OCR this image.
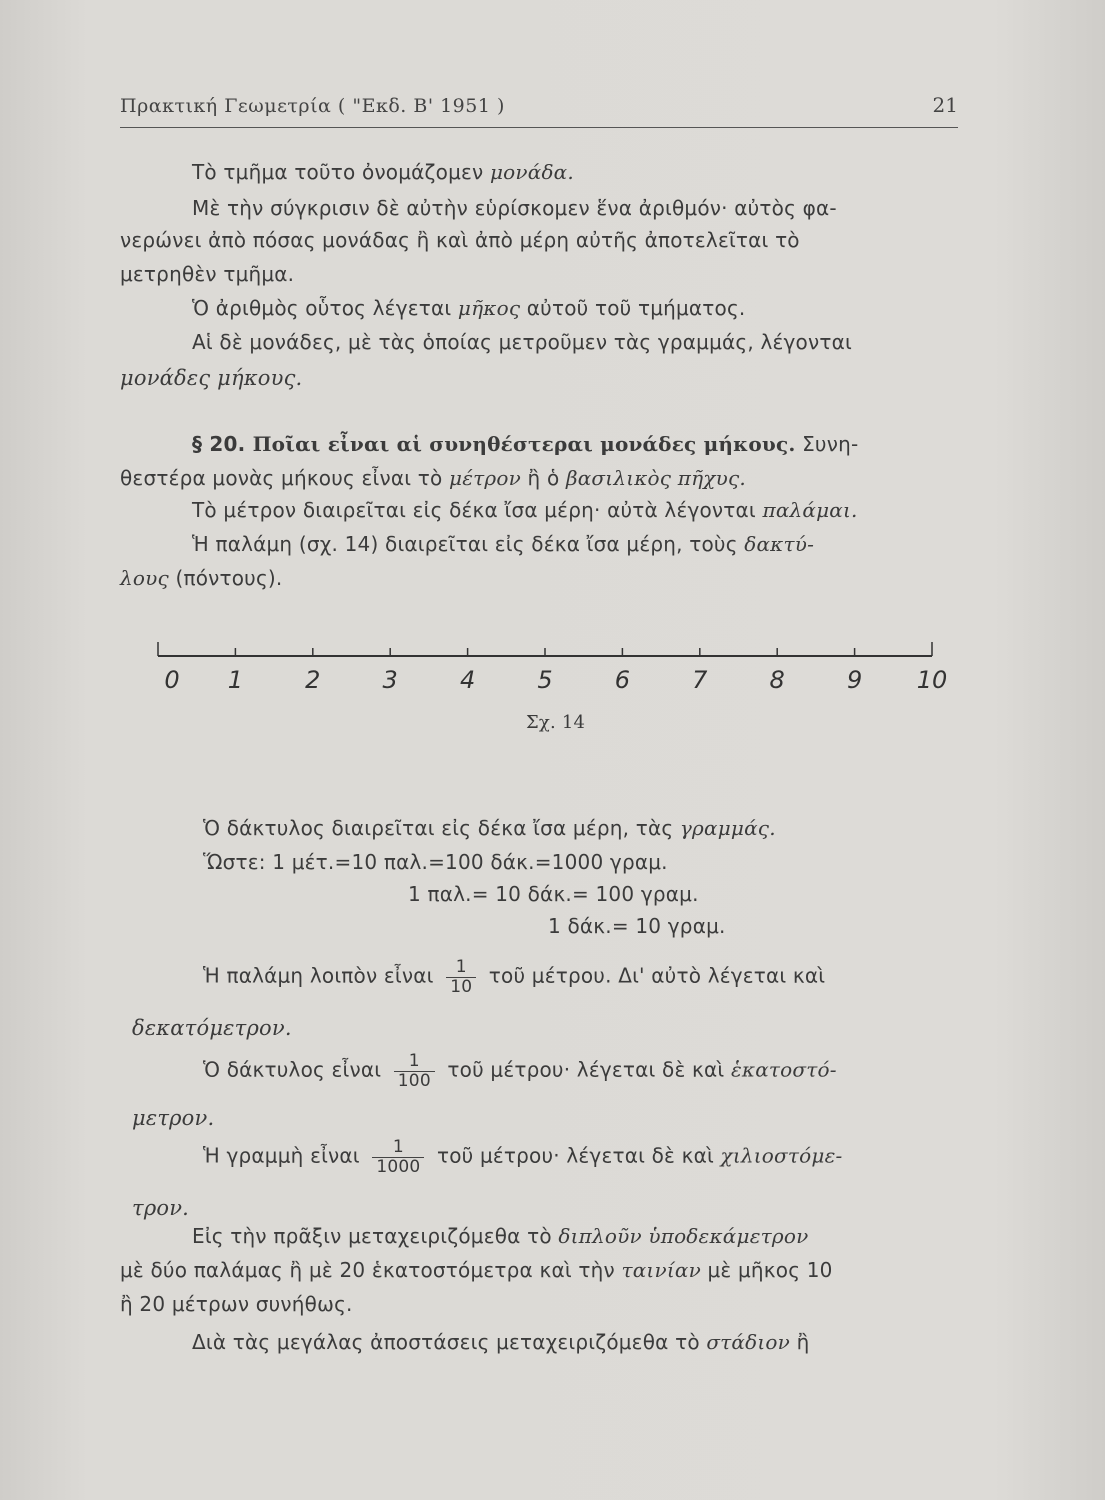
Πρακτική Γεωμετρία ( "Εκδ. Β' 1951 )	21
Τὸ τμῆμα τοῦτο ὀνομάζομεν μονάδα.
Μὲ τὴν σύγκρισιν δὲ αὐτὴν εὑρίσκομεν ἕνα ἀριθμόν· αὐτὸς φα-
νερώνει ἀπὸ πόσας μονάδας ἢ καὶ ἀπὸ μέρη αὐτῆς ἀποτελεῖται τὸ
μετρηθὲν τμῆμα.
Ὁ ἀριθμὸς οὗτος λέγεται μῆκος αὐτοῦ τοῦ τμήματος.
Αἱ δὲ μονάδες, μὲ τὰς ὁποίας μετροῦμεν τὰς γραμμάς, λέγονται
μονάδες μήκους.
§ 20. Ποῖαι εἶναι αἱ συνηθέστεραι μονάδες μήκους. Συνη-
θεστέρα μονὰς μήκους εἶναι τὸ μέτρον ἢ ὁ βασιλικὸς πῆχυς.
Τὸ μέτρον διαιρεῖται εἰς δέκα ἴσα μέρη· αὐτὰ λέγονται παλάμαι.
Ἡ παλάμη (σχ. 14) διαιρεῖται εἰς δέκα ἴσα μέρη, τοὺς δακτύ-
λους (πόντους).
0 1	2	3	4	5	6	7	8	9 10
Σχ. 14
Ὁ δάκτυλος διαιρεῖται εἰς δέκα ἴσα μέρη, τὰς γραμμάς.
Ὥστε: 1 μέτ.=10 παλ.=100 δάκ.=1000 γραμ.
1 παλ.= 10 δάκ.= 100 γραμ.
1 δάκ.= 10 γραμ.
Ἡ παλάμη λοιπὸν εἶναι $\frac{1}{10}$ τοῦ μέτρου. Δι' αὐτὸ λέγεται καὶ
δεκατόμετρον.
Ὁ δάκτυλος εἶναι $\frac{1}{100}$ τοῦ μέτρου· λέγεται δὲ καὶ ἑκατοστό-
μετρον.
Ἡ γραμμὴ εἶναι $\frac{1}{1000}$ τοῦ μέτρου· λέγεται δὲ καὶ χιλιοστόμε-
τρον.
Εἰς τὴν πρᾶξιν μεταχειριζόμεθα τὸ διπλοῦν ὑποδεκάμετρον
μὲ δύο παλάμας ἢ μὲ 20 ἑκατοστόμετρα καὶ τὴν ταινίαν μὲ μῆκος 10
ἢ 20 μέτρων συνήθως.
Διὰ τὰς μεγάλας ἀποστάσεις μεταχειριζόμεθα τὸ στάδιον ἢ
